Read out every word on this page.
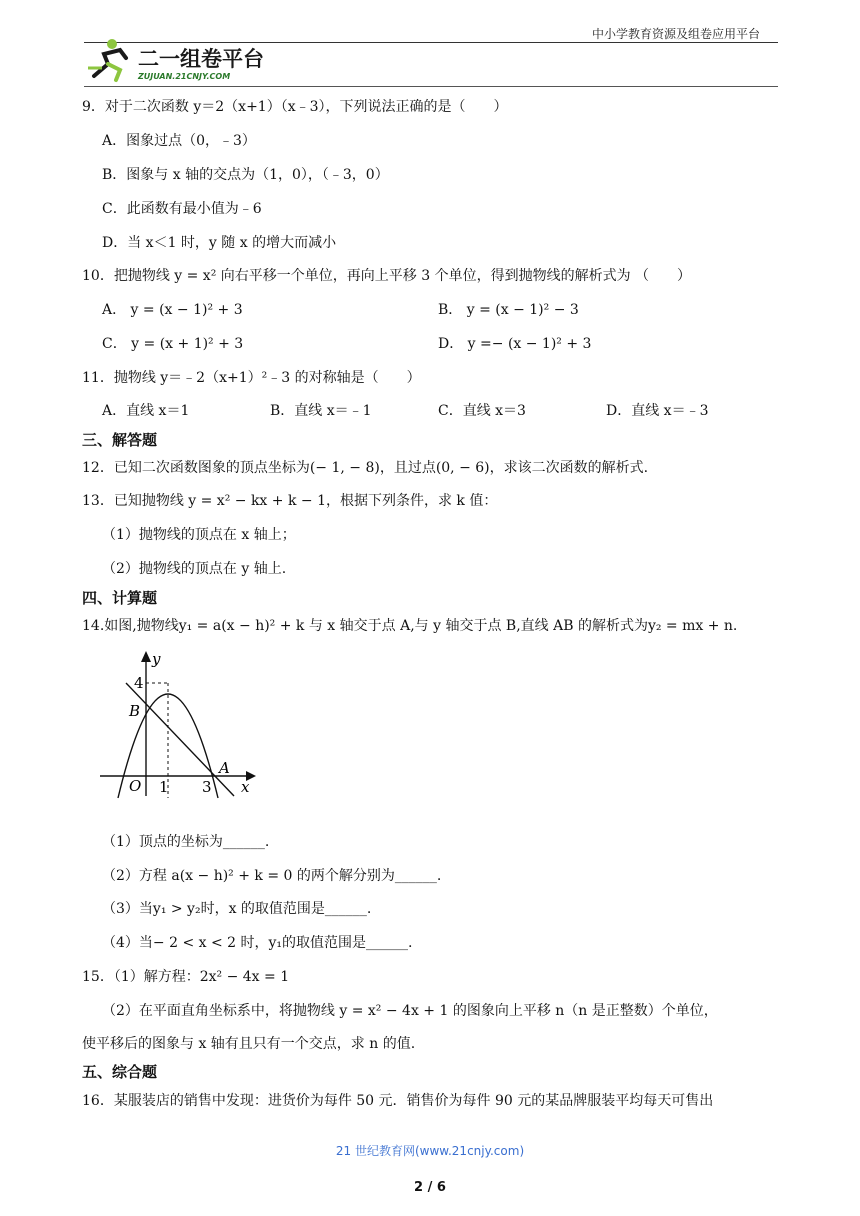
中小学教育资源及组卷应用平台
二一组卷平台
ZUJUAN.21CNJY.COM
9．对于二次函数 y＝2（x+1）（x﹣3），下列说法正确的是（　　）
A．图象过点（0，﹣3）
B．图象与 x 轴的交点为（1，0），（﹣3，0）
C．此函数有最小值为﹣6
D．当 x＜1 时，y 随 x 的增大而减小
10．把抛物线 y = x² 向右平移一个单位，再向上平移 3 个单位，得到抛物线的解析式为 （　　）
A． y = (x − 1)² + 3	B． y = (x − 1)² − 3
C． y = (x + 1)² + 3	D． y =− (x − 1)² + 3
11．抛物线 y＝﹣2（x+1）²﹣3 的对称轴是（　　）
A．直线 x＝1	B．直线 x＝﹣1	C．直线 x＝3	D．直线 x＝﹣3
三、解答题
12．已知二次函数图象的顶点坐标为(− 1, − 8)，且过点(0, − 6)，求该二次函数的解析式.
13．已知抛物线 y = x² − kx + k − 1，根据下列条件，求 k 值：
（1）抛物线的顶点在 x 轴上；
（2）抛物线的顶点在 y 轴上.
四、计算题
14.如图,抛物线y₁ = a(x − h)² + k 与 x 轴交于点 A,与 y 轴交于点 B,直线 AB 的解析式为y₂ = mx + n.
y
x
O
B
A
4
1 3
（1）顶点的坐标为______.
（2）方程 a(x − h)² + k = 0 的两个解分别为______.
（3）当y₁ > y₂时，x 的取值范围是______.
（4）当− 2 < x < 2 时，y₁的取值范围是______.
15．（1）解方程：2x² − 4x = 1
（2）在平面直角坐标系中，将抛物线 y = x² − 4x + 1 的图象向上平移 n（n 是正整数）个单位，
使平移后的图象与 x 轴有且只有一个交点，求 n 的值.
五、综合题
16．某服装店的销售中发现：进货价为每件 50 元．销售价为每件 90 元的某品牌服装平均每天可售出
21 世纪教育网(www.21cnjy.com)
2 / 6
